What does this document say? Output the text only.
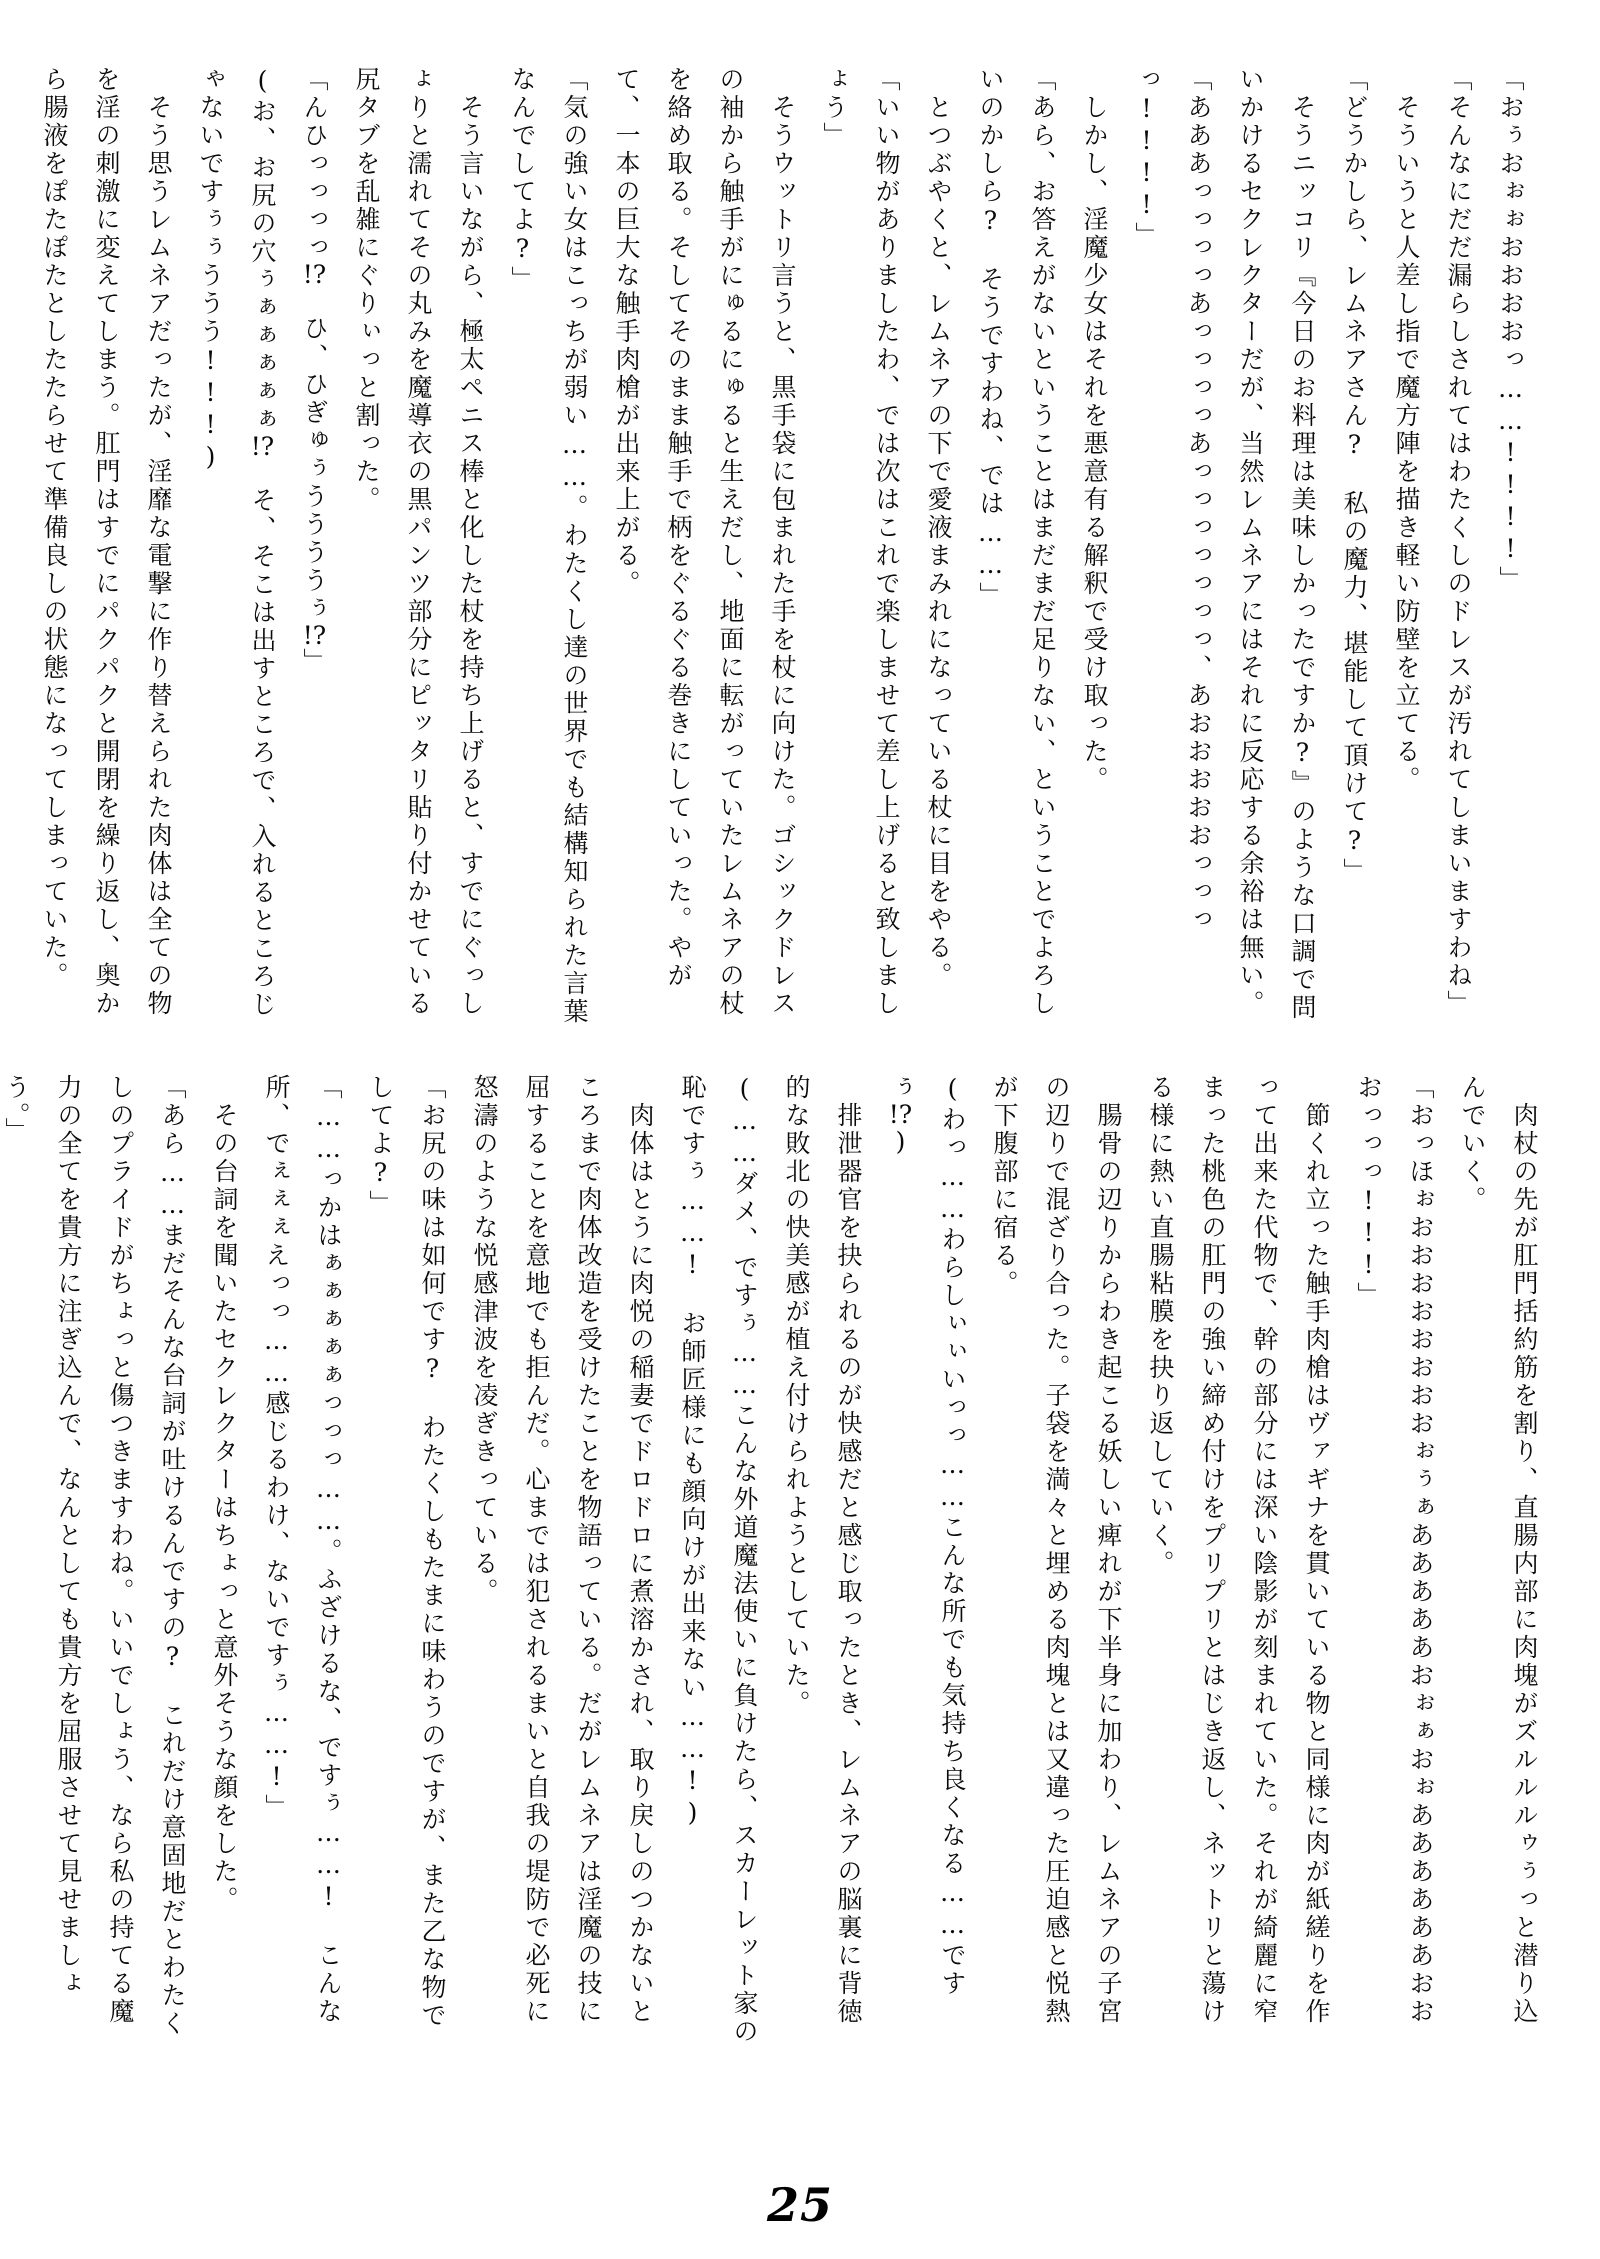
「おぅおぉぉおおおおっ……!!!!」

「そんなにだだ漏らしされてはわたくしのドレスが汚れてしまいますわね」

そういうと人差し指で魔方陣を描き軽い防壁を立てる。

「どうかしら、レムネアさん?　私の魔力、堪能して頂けて?」

そうニッコリ『今日のお料理は美味しかったですか?』のような口調で問いかけるセクレクターだが、当然レムネアにはそれに反応する余裕は無い。

「あああっっっっあっっっっあっっっっっっっ、あおおおおおっっっっ!!!!」

しかし、淫魔少女はそれを悪意有る解釈で受け取った。

「あら、お答えがないということはまだまだ足りない、ということでよろしいのかしら?　そうですわね、では……」

とつぶやくと、レムネアの下で愛液まみれになっている杖に目をやる。

「いい物がありましたわ、では次はこれで楽しませて差し上げると致しましょう」

そうウットリ言うと、黒手袋に包まれた手を杖に向けた。ゴシックドレスの袖から触手がにゅるにゅると生えだし、地面に転がっていたレムネアの杖を絡め取る。そしてそのまま触手で柄をぐるぐる巻きにしていった。やがて、一本の巨大な触手肉槍が出来上がる。

「気の強い女はこっちが弱い……。わたくし達の世界でも結構知られた言葉なんでしてよ?」

そう言いながら、極太ペニス棒と化した杖を持ち上げると、すでにぐっしょりと濡れてその丸みを魔導衣の黒パンツ部分にピッタリ貼り付かせている尻タブを乱雑にぐりぃっと割った。

「んひっっっっ!?　ひ、ひぎゅぅううううぅ!?」

(お、お尻の穴ぅぁぁぁぁぁ!?　そ、そこは出すところで、入れるところじゃないですぅぅううう!!!)

そう思うレムネアだったが、淫靡な電撃に作り替えられた肉体は全ての物を淫の刺激に変えてしまう。肛門はすでにパクパクと開閉を繰り返し、奥から腸液をぽたぽたとしたたらせて準備良しの状態になってしまっていた。

肉杖の先が肛門括約筋を割り、直腸内部に肉塊がズルルルゥぅっと潜り込んでいく。

「おっほぉおおおおおおおおぉぅぁあああああおぉぁおぉああああああおおおっっっ!!!」

節くれ立った触手肉槍はヴァギナを貫いている物と同様に肉が紙縒りを作って出来た代物で、幹の部分には深い陰影が刻まれていた。それが綺麗に窄まった桃色の肛門の強い締め付けをプリプリとはじき返し、ネットリと蕩ける様に熱い直腸粘膜を抉り返していく。

腸骨の辺りからわき起こる妖しい痺れが下半身に加わり、レムネアの子宮の辺りで混ざり合った。子袋を満々と埋める肉塊とは又違った圧迫感と悦熱が下腹部に宿る。

(わっ……わらしぃぃいっっ……こんな所でも気持ち良くなる……ですぅ!?)

排泄器官を抉られるのが快感だと感じ取ったとき、レムネアの脳裏に背徳的な敗北の快美感が植え付けられようとしていた。

(……ダメ、ですぅ……こんな外道魔法使いに負けたら、スカーレット家の恥ですぅ……!　お師匠様にも顔向けが出来ない……!)

肉体はとうに肉悦の稲妻でドロドロに煮溶かされ、取り戻しのつかないところまで肉体改造を受けたことを物語っている。だがレムネアは淫魔の技に屈することを意地でも拒んだ。心までは犯されるまいと自我の堤防で必死に怒濤のような悦感津波を凌ぎきっている。

「お尻の味は如何です?　わたくしもたまに味わうのですが、また乙な物でしてよ?」

「……っかはぁぁぁぁぁっっっ……。ふざけるな、ですぅ……!　こんな所、でぇぇぇえっっ……感じるわけ、ないですぅ……!」

その台詞を聞いたセクレクターはちょっと意外そうな顔をした。

「あら……まだそんな台詞が吐けるんですの?　これだけ意固地だとわたくしのプライドがちょっと傷つきますわね。いいでしょう、なら私の持てる魔力の全てを貴方に注ぎ込んで、なんとしても貴方を屈服させて見せましょう。」

25
